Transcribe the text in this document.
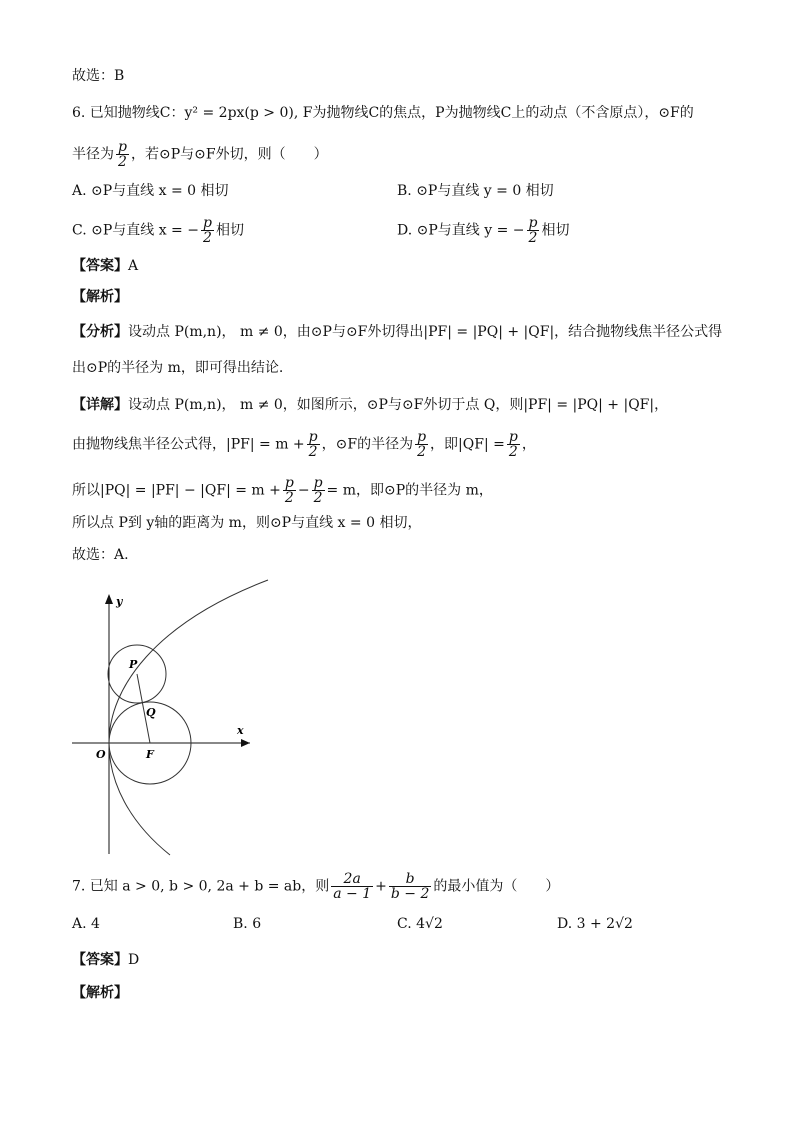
故选：B
6. 已知抛物线C：y² = 2px(p > 0), F为抛物线C的焦点，P为抛物线C上的动点（不含原点），⊙F的
半径为 $\frac{p}{2}$ ，若⊙P与⊙F外切，则（　　）
A. ⊙P与直线 x = 0 相切	B. ⊙P与直线 y = 0 相切
C. ⊙P与直线 x = − $\frac{p}{2}$ 相切	D. ⊙P与直线 y = − $\frac{p}{2}$ 相切
【答案】A
【解析】
【分析】设动点 P(m,n)， m ≠ 0，由⊙P与⊙F外切得出|PF| = |PQ| + |QF|，结合抛物线焦半径公式得
出⊙P的半径为 m，即可得出结论.
【详解】设动点 P(m,n)， m ≠ 0，如图所示，⊙P与⊙F外切于点 Q，则|PF| = |PQ| + |QF|，
由抛物线焦半径公式得，$|PF| = m + \frac{p}{2}$ ，⊙F的半径为 $\frac{p}{2}$ ，即$|QF| = \frac{p}{2}$ ，
所以$|PQ| = |PF| - |QF| = m + \frac{p}{2} - \frac{p}{2} = m$，即⊙P的半径为 m，
所以点 P到 y轴的距离为 m，则⊙P与直线 x = 0 相切，
故选：A.
y
x
O	F
P
Q
7. 已知 a > 0, b > 0, 2a + b = ab，则 $\frac{2a}{a - 1} + \frac{b}{b - 2}$ 的最小值为（　　）
A. 4	B. 6	C. 4√2	D. 3 + 2√2
【答案】D
【解析】
